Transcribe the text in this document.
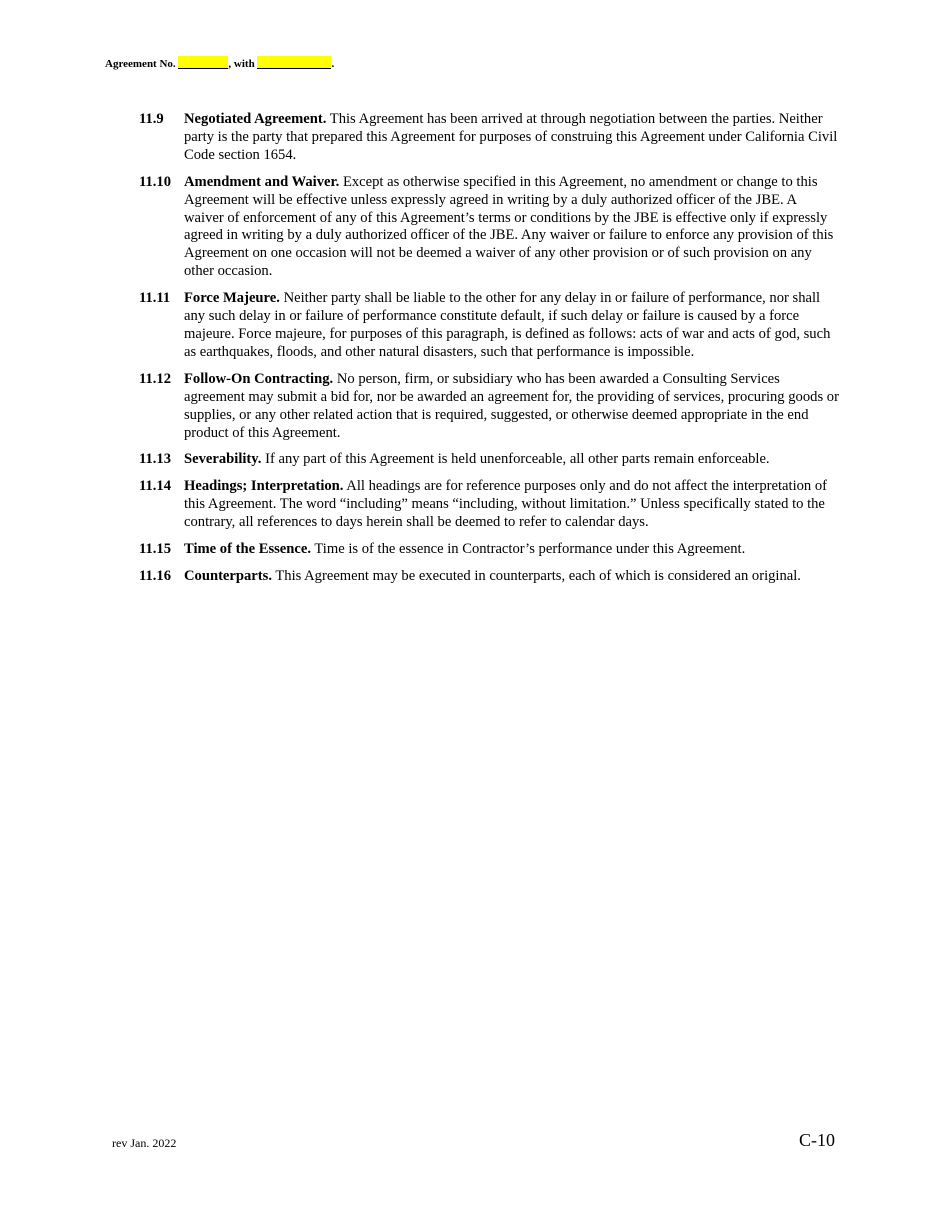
Agreement No.	, with	.
11.9	Negotiated Agreement. This Agreement has been arrived at through negotiation between the parties. Neither party is the party that prepared this Agreement for purposes of construing this Agreement under California Civil Code section 1654.
11.10 Amendment and Waiver. Except as otherwise specified in this Agreement, no amendment or change to this Agreement will be effective unless expressly agreed in writing by a duly authorized officer of the JBE. A waiver of enforcement of any of this Agreement’s terms or conditions by the JBE is effective only if expressly agreed in writing by a duly authorized officer of the JBE. Any waiver or failure to enforce any provision of this Agreement on one occasion will not be deemed a waiver of any other provision or of such provision on any other occasion.
11.11 Force Majeure. Neither party shall be liable to the other for any delay in or failure of performance, nor shall any such delay in or failure of performance constitute default, if such delay or failure is caused by a force majeure. Force majeure, for purposes of this paragraph, is defined as follows: acts of war and acts of god, such as earthquakes, floods, and other natural disasters, such that performance is impossible.
11.12 Follow-On Contracting. No person, firm, or subsidiary who has been awarded a Consulting Services agreement may submit a bid for, nor be awarded an agreement for, the providing of services, procuring goods or supplies, or any other related action that is required, suggested, or otherwise deemed appropriate in the end product of this Agreement.
11.13 Severability. If any part of this Agreement is held unenforceable, all other parts remain enforceable.
11.14 Headings; Interpretation. All headings are for reference purposes only and do not affect the interpretation of this Agreement. The word “including” means “including, without limitation.” Unless specifically stated to the contrary, all references to days herein shall be deemed to refer to calendar days.
11.15 Time of the Essence. Time is of the essence in Contractor’s performance under this Agreement.
11.16 Counterparts. This Agreement may be executed in counterparts, each of which is considered an original.
rev Jan. 2022	C-10
